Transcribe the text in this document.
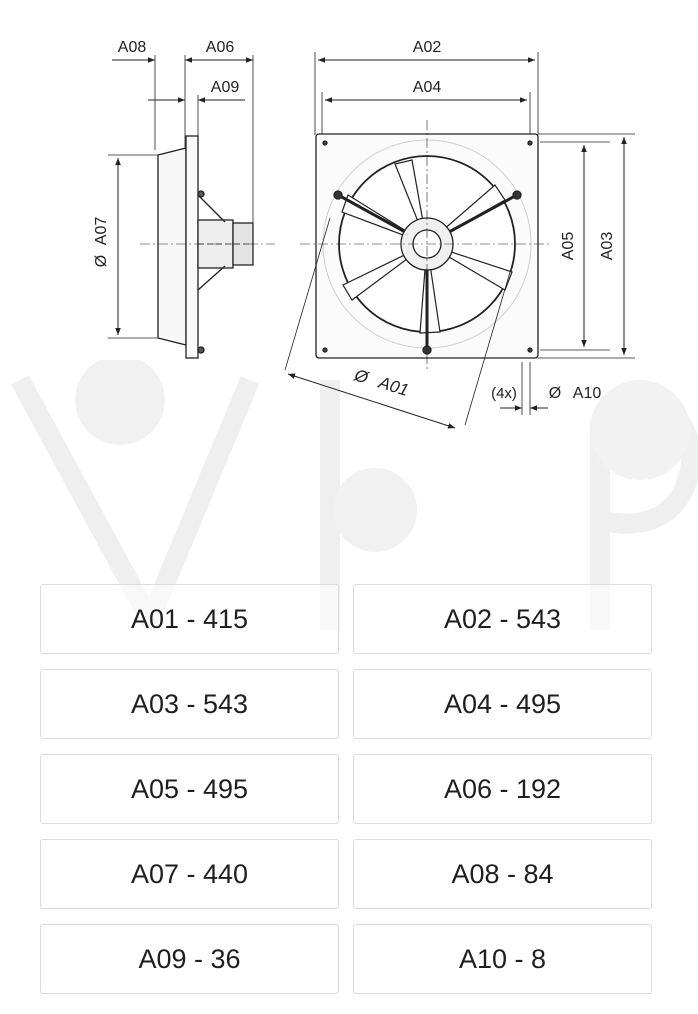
A08	A06
A09
Ø A07
A02
A04
A03
A05
Ø A01	(4x) Ø A10
A01 - 415	A02 - 543
A03 - 543	A04 - 495
A05 - 495	A06 - 192
A07 - 440	A08 - 84
A09 - 36	A10 - 8
